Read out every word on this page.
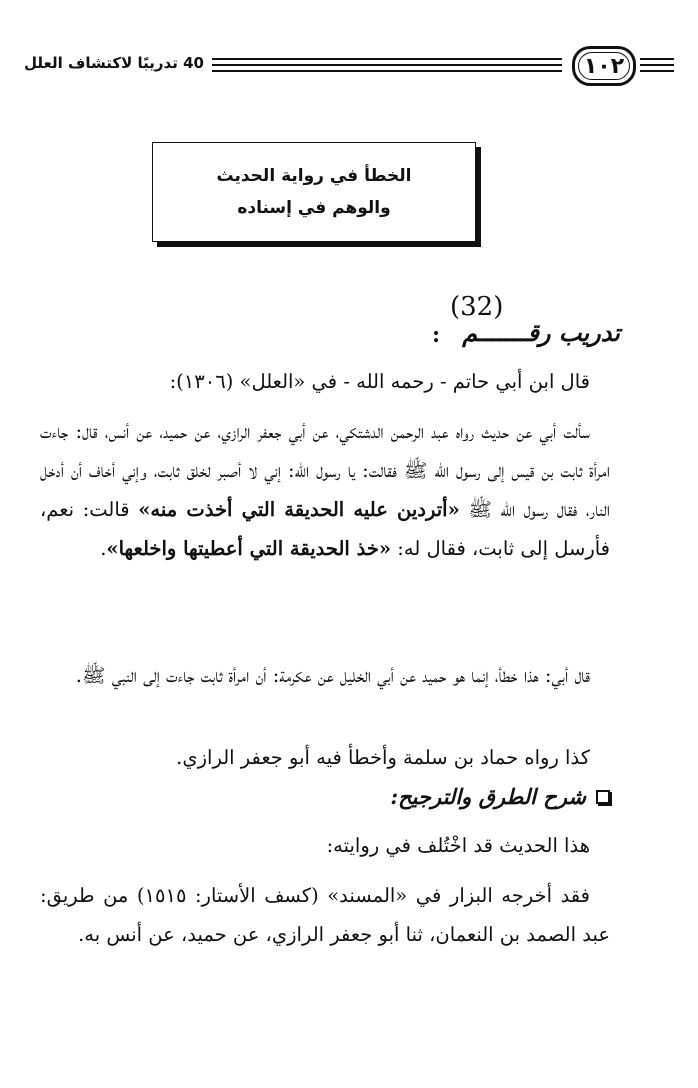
١٠٢
40 تدريبًا لاكتشاف العلل
الخطأ في رواية الحديث
والوهم في إسناده
(32)
تدريب رقـــــــم
:

قال ابن أبي حاتم - رحمه الله - في «العلل» (١٣٠٦):

سألت أبي عن حديث رواه عبد الرحمن الدشتكي، عن أبي جعفر الرازي، عن حميد، عن أنس، قال: جاءت امرأة ثابت بن قيس إلى رسول الله ﷺ فقالت: يا رسول الله: إني لا أصبر لخلق ثابت، وإني أخاف أن أدخل النار، فقال رسول الله ﷺ «أتردين عليه الحديقة التي أخذت منه» قالت: نعم، فأرسل إلى ثابت، فقال له: «خذ الحديقة التي أعطيتها واخلعها».

قال أبي: هذا خطأ، إنما هو حميد عن أبي الخليل عن عكرمة: أن امرأة ثابت جاءت إلى النبي ﷺ.

كذا رواه حماد بن سلمة وأخطأ فيه أبو جعفر الرازي.

شرح الطرق والترجيح:

هذا الحديث قد اخْتُلف في روايته:

فقد أخرجه البزار في «المسند» (كسف الأستار: ١٥١٥) من طريق: عبد الصمد بن النعمان، ثنا أبو جعفر الرازي، عن حميد، عن أنس به.
